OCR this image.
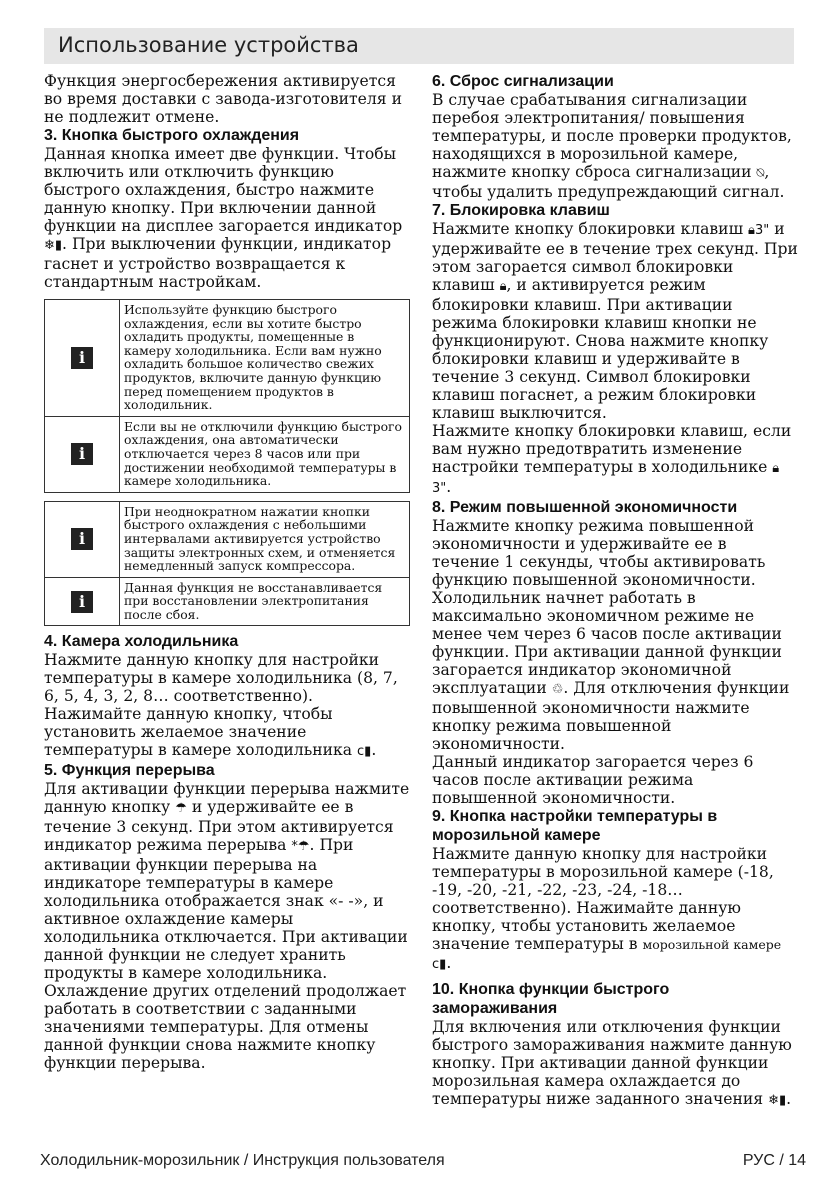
Использование устройства

Функция энергосбережения активируется во время доставки с завода-изготовителя и не подлежит отмене.

3. Кнопка быстрого охлаждения

Данная кнопка имеет две функции. Чтобы включить или отключить функцию быстрого охлаждения, быстро нажмите данную кнопку. При включении данной функции на дисплее загорается индикатор ❄▮. При выключении функции, индикатор гаснет и устройство возвращается к стандартным настройкам.

i
Используйте функцию быстрого охлаждения, если вы хотите быстро охладить продукты, помещенные в камеру холодильника. Если вам нужно охладить большое количество свежих продуктов, включите данную функцию перед помещением продуктов в холодильник.
i
Если вы не отключили функцию быстрого охлаждения, она автоматически отключается через 8 часов или при достижении необходимой температуры в камере холодильника.
i
При неоднократном нажатии кнопки быстрого охлаждения с небольшими интервалами активируется устройство защиты электронных схем, и отменяется немедленный запуск компрессора.
i
Данная функция не восстанавливается при восстановлении электропитания после сбоя.
4. Камера холодильника

Нажмите данную кнопку для настройки температуры в камере холодильника (8, 7, 6, 5, 4, 3, 2, 8… соответственно). Нажимайте данную кнопку, чтобы установить желаемое значение температуры в камере холодильника c▮.

5. Функция перерыва

Для активации функции перерыва нажмите данную кнопку ☂ и удерживайте ее в течение 3 секунд. При этом активируется индикатор режима перерыва *☂. При активации функции перерыва на индикаторе температуры в камере холодильника отображается знак «- -», и активное охлаждение камеры холодильника отключается. При активации данной функции не следует хранить продукты в камере холодильника. Охлаждение других отделений продолжает работать в соответствии с заданными значениями температуры. Для отмены данной функции снова нажмите кнопку функции перерыва.

6. Сброс сигнализации

В случае срабатывания сигнализации перебоя электропитания/ повышения температуры, и после проверки продуктов, находящихся в морозильной камере, нажмите кнопку сброса сигнализации ⍉, чтобы удалить предупреждающий сигнал.

7. Блокировка клавиш

Нажмите кнопку блокировки клавиш 🔒︎3" и удерживайте ее в течение трех секунд. При этом загорается символ блокировки клавиш 🔒︎, и активируется режим блокировки клавиш. При активации режима блокировки клавиш кнопки не функционируют. Снова нажмите кнопку блокировки клавиш и удерживайте в течение 3 секунд. Символ блокировки клавиш погаснет, а режим блокировки клавиш выключится.

Нажмите кнопку блокировки клавиш, если вам нужно предотвратить изменение настройки температуры в холодильнике 🔒︎3".

8. Режим повышенной экономичности

Нажмите кнопку режима повышенной экономичности и удерживайте ее в течение 1 секунды, чтобы активировать функцию повышенной экономичности. Холодильник начнет работать в максимально экономичном режиме не менее чем через 6 часов после активации функции. При активации данной функции загорается индикатор экономичной эксплуатации ♲. Для отключения функции повышенной экономичности нажмите кнопку режима повышенной экономичности.

Данный индикатор загорается через 6 часов после активации режима повышенной экономичности.

9. Кнопка настройки температуры в морозильной камере

Нажмите данную кнопку для настройки температуры в морозильной камере (-18, -19, -20, -21, -22, -23, -24, -18… соответственно). Нажимайте данную кнопку, чтобы установить желаемое значение температуры в морозильной камере c▮.

10. Кнопка функции быстрого замораживания

Для включения или отключения функции быстрого замораживания нажмите данную кнопку. При активации данной функции морозильная камера охлаждается до температуры ниже заданного значения ❄▮.

Холодильник-морозильник / Инструкция пользователя	РУС / 14
